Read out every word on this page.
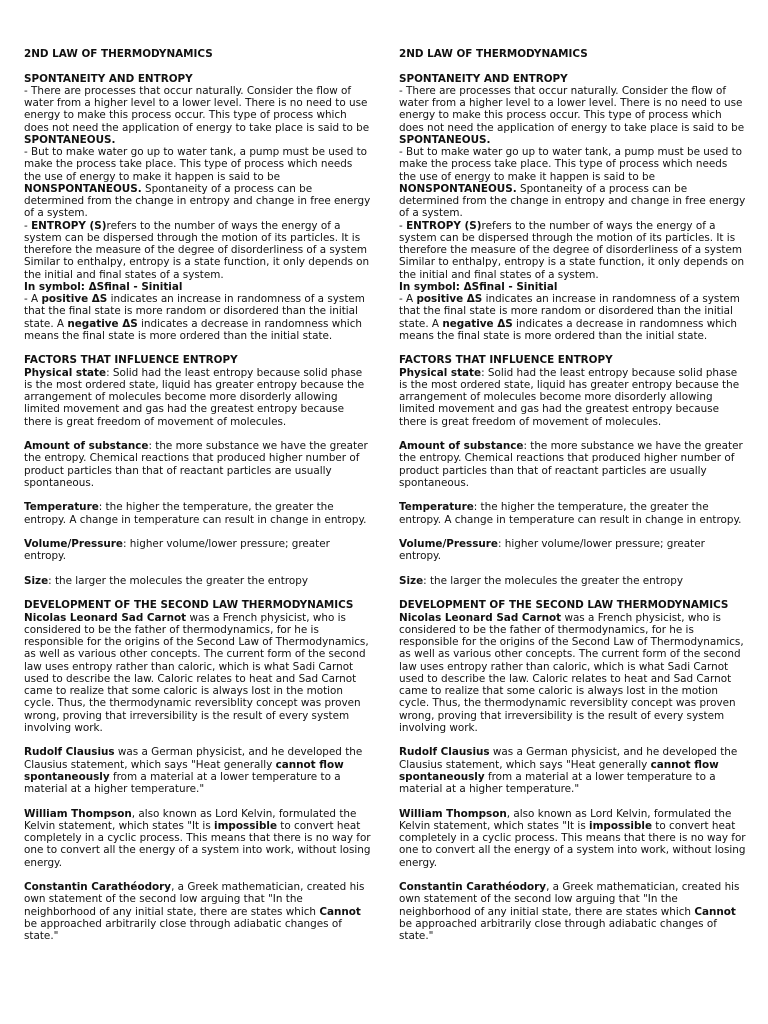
2ND LAW OF THERMODYNAMICS

SPONTANEITY AND ENTROPY

- There are processes that occur naturally. Consider the flow of water from a higher level to a lower level. There is no need to use energy to make this process occur. This type of process which does not need the application of energy to take place is said to be SPONTANEOUS.

- But to make water go up to water tank, a pump must be used to make the process take place. This type of process which needs the use of energy to make it happen is said to be NONSPONTANEOUS. Spontaneity of a process can be determined from the change in entropy and change in free energy of a system.

- ENTROPY (S)refers to the number of ways the energy of a system can be dispersed through the motion of its particles. It is therefore the measure of the degree of disorderliness of a system Similar to enthalpy, entropy is a state function, it only depends on the initial and final states of a system.

In symbol: ΔSfinal - Sinitial

- A positive ΔS indicates an increase in randomness of a system that the final state is more random or disordered than the initial state. A negative ΔS indicates a decrease in randomness which means the final state is more ordered than the initial state.

FACTORS THAT INFLUENCE ENTROPY

Physical state: Solid had the least entropy because solid phase is the most ordered state, liquid has greater entropy because the arrangement of molecules become more disorderly allowing limited movement and gas had the greatest entropy because there is great freedom of movement of molecules.

Amount of substance: the more substance we have the greater the entropy. Chemical reactions that produced higher number of product particles than that of reactant particles are usually spontaneous.

Temperature: the higher the temperature, the greater the entropy. A change in temperature can result in change in entropy.

Volume/Pressure: higher volume/lower pressure; greater entropy.

Size: the larger the molecules the greater the entropy

DEVELOPMENT OF THE SECOND LAW THERMODYNAMICS

Nicolas Leonard Sad Carnot was a French physicist, who is considered to be the father of thermodynamics, for he is responsible for the origins of the Second Law of Thermodynamics, as well as various other concepts. The current form of the second law uses entropy rather than caloric, which is what Sadi Carnot used to describe the law. Caloric relates to heat and Sad Carnot came to realize that some caloric is always lost in the motion cycle. Thus, the thermodynamic reversiblity concept was proven wrong, proving that irreversibility is the result of every system involving work.

Rudolf Clausius was a German physicist, and he developed the Clausius statement, which says "Heat generally cannot flow spontaneously from a material at a lower temperature to a material at a higher temperature."

William Thompson, also known as Lord Kelvin, formulated the Kelvin statement, which states "It is impossible to convert heat completely in a cyclic process. This means that there is no way for one to convert all the energy of a system into work, without losing energy.

Constantin Carathéodory, a Greek mathematician, created his own statement of the second low arguing that "In the neighborhood of any initial state, there are states which Cannot be approached arbitrarily close through adiabatic changes of state."

2ND LAW OF THERMODYNAMICS

SPONTANEITY AND ENTROPY

- There are processes that occur naturally. Consider the flow of water from a higher level to a lower level. There is no need to use energy to make this process occur. This type of process which does not need the application of energy to take place is said to be SPONTANEOUS.

- But to make water go up to water tank, a pump must be used to make the process take place. This type of process which needs the use of energy to make it happen is said to be NONSPONTANEOUS. Spontaneity of a process can be determined from the change in entropy and change in free energy of a system.

- ENTROPY (S)refers to the number of ways the energy of a system can be dispersed through the motion of its particles. It is therefore the measure of the degree of disorderliness of a system Similar to enthalpy, entropy is a state function, it only depends on the initial and final states of a system.

In symbol: ΔSfinal - Sinitial

- A positive ΔS indicates an increase in randomness of a system that the final state is more random or disordered than the initial state. A negative ΔS indicates a decrease in randomness which means the final state is more ordered than the initial state.

FACTORS THAT INFLUENCE ENTROPY

Physical state: Solid had the least entropy because solid phase is the most ordered state, liquid has greater entropy because the arrangement of molecules become more disorderly allowing limited movement and gas had the greatest entropy because there is great freedom of movement of molecules.

Amount of substance: the more substance we have the greater the entropy. Chemical reactions that produced higher number of product particles than that of reactant particles are usually spontaneous.

Temperature: the higher the temperature, the greater the entropy. A change in temperature can result in change in entropy.

Volume/Pressure: higher volume/lower pressure; greater entropy.

Size: the larger the molecules the greater the entropy

DEVELOPMENT OF THE SECOND LAW THERMODYNAMICS

Nicolas Leonard Sad Carnot was a French physicist, who is considered to be the father of thermodynamics, for he is responsible for the origins of the Second Law of Thermodynamics, as well as various other concepts. The current form of the second law uses entropy rather than caloric, which is what Sadi Carnot used to describe the law. Caloric relates to heat and Sad Carnot came to realize that some caloric is always lost in the motion cycle. Thus, the thermodynamic reversiblity concept was proven wrong, proving that irreversibility is the result of every system involving work.

Rudolf Clausius was a German physicist, and he developed the Clausius statement, which says "Heat generally cannot flow spontaneously from a material at a lower temperature to a material at a higher temperature."

William Thompson, also known as Lord Kelvin, formulated the Kelvin statement, which states "It is impossible to convert heat completely in a cyclic process. This means that there is no way for one to convert all the energy of a system into work, without losing energy.

Constantin Carathéodory, a Greek mathematician, created his own statement of the second low arguing that "In the neighborhood of any initial state, there are states which Cannot be approached arbitrarily close through adiabatic changes of state."
